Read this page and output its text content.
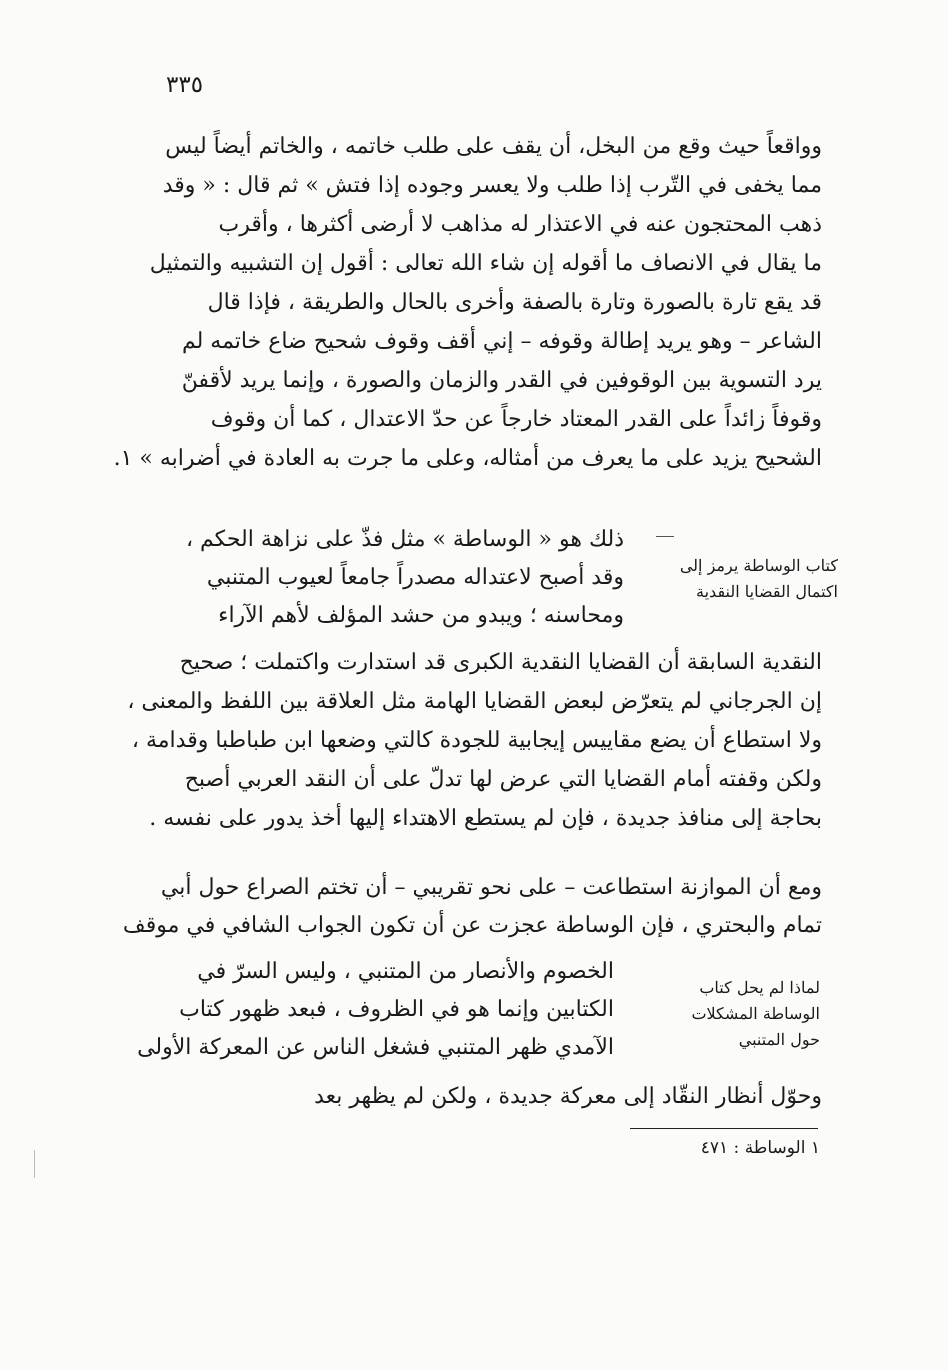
٣٣٥
وواقعاً حيث وقع من البخل، أن يقف على طلب خاتمه ، والخاتم أيضاً ليس
مما يخفى في التّرب إذا طلب ولا يعسر وجوده إذا فتش » ثم قال : « وقد
ذهب المحتجون عنه في الاعتذار له مذاهب لا أرضى أكثرها ، وأقرب
ما يقال في الانصاف ما أقوله إن شاء الله تعالى : أقول إن التشبيه والتمثيل
قد يقع تارة بالصورة وتارة بالصفة وأخرى بالحال والطريقة ، فإذا قال
الشاعر – وهو يريد إطالة وقوفه – إني أقف وقوف شحيح ضاع خاتمه لم
يرد التسوية بين الوقوفين في القدر والزمان والصورة ، وإنما يريد لأقفنّ
وقوفاً زائداً على القدر المعتاد خارجاً عن حدّ الاعتدال ، كما أن وقوف
الشحيح يزيد على ما يعرف من أمثاله، وعلى ما جرت به العادة في أضرابه » ١.
كتاب الوساطة يرمز إلى
اكتمال القضايا النقدية
ذلك هو « الوساطة » مثل فذّ على نزاهة الحكم ،
وقد أصبح لاعتداله مصدراً جامعاً لعيوب المتنبي
ومحاسنه ؛ ويبدو من حشد المؤلف لأهم الآراء
النقدية السابقة أن القضايا النقدية الكبرى قد استدارت واكتملت ؛ صحيح
إن الجرجاني لم يتعرّض لبعض القضايا الهامة مثل العلاقة بين اللفظ والمعنى ،
ولا استطاع أن يضع مقاييس إيجابية للجودة كالتي وضعها ابن طباطبا وقدامة ،
ولكن وقفته أمام القضايا التي عرض لها تدلّ على أن النقد العربي أصبح
بحاجة إلى منافذ جديدة ، فإن لم يستطع الاهتداء إليها أخذ يدور على نفسه .
ومع أن الموازنة استطاعت – على نحو تقريبي – أن تختم الصراع حول أبي
تمام والبحتري ، فإن الوساطة عجزت عن أن تكون الجواب الشافي في موقف
لماذا لم يحل كتاب
الوساطة المشكلات
حول المتنبي
الخصوم والأنصار من المتنبي ، وليس السرّ في
الكتابين وإنما هو في الظروف ، فبعد ظهور كتاب
الآمدي ظهر المتنبي فشغل الناس عن المعركة الأولى
وحوّل أنظار النقّاد إلى معركة جديدة ، ولكن لم يظهر بعد
١ الوساطة : ٤٧١
